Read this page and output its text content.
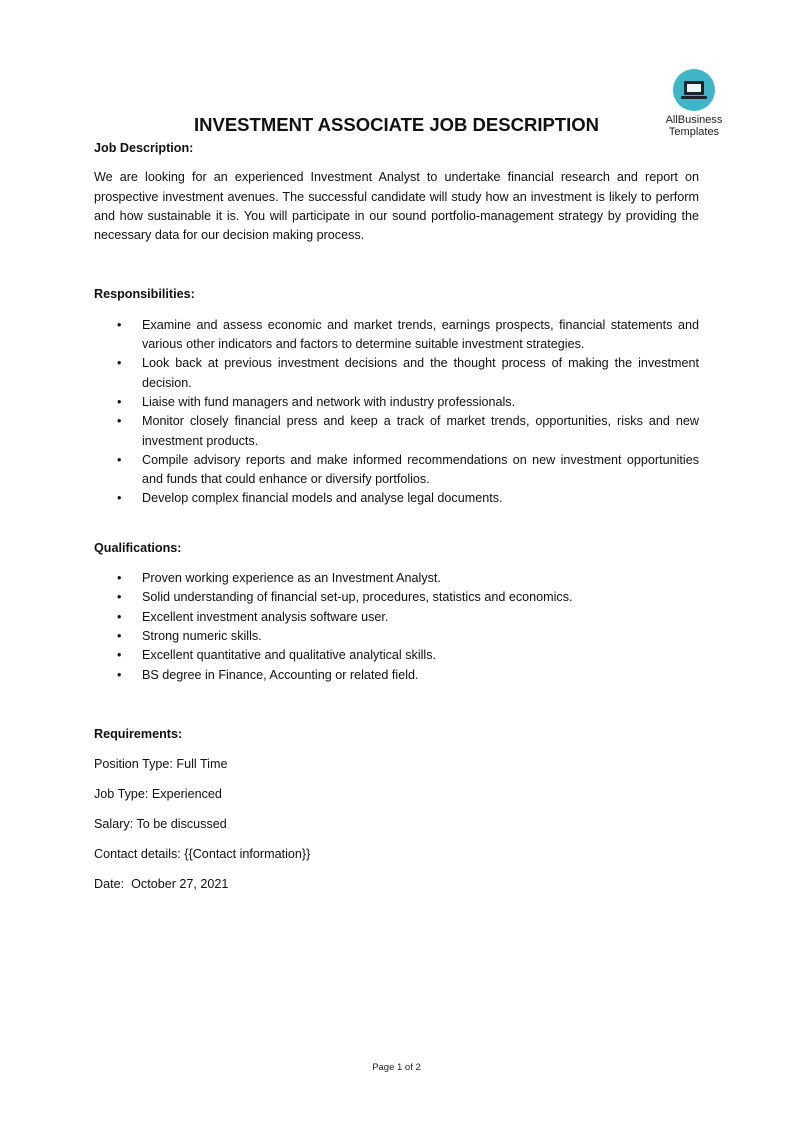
AllBusiness
Templates
INVESTMENT ASSOCIATE JOB DESCRIPTION

Job Description:

We are looking for an experienced Investment Analyst to undertake financial research and report on prospective investment avenues. The successful candidate will study how an investment is likely to perform and how sustainable it is. You will participate in our sound portfolio-management strategy by providing the necessary data for our decision making process.

Responsibilities:

• Examine and assess economic and market trends, earnings prospects, financial statements and various other indicators and factors to determine suitable investment strategies.
• Look back at previous investment decisions and the thought process of making the investment decision.
• Liaise with fund managers and network with industry professionals.
• Monitor closely financial press and keep a track of market trends, opportunities, risks and new investment products.
• Compile advisory reports and make informed recommendations on new investment opportunities and funds that could enhance or diversify portfolios.
• Develop complex financial models and analyse legal documents.

Qualifications:

• Proven working experience as an Investment Analyst.
• Solid understanding of financial set-up, procedures, statistics and economics.
• Excellent investment analysis software user.
• Strong numeric skills.
• Excellent quantitative and qualitative analytical skills.
• BS degree in Finance, Accounting or related field.

Requirements:

Position Type: Full Time

Job Type: Experienced

Salary: To be discussed

Contact details: {{Contact information}}

Date:  October 27, 2021

Page 1 of 2
